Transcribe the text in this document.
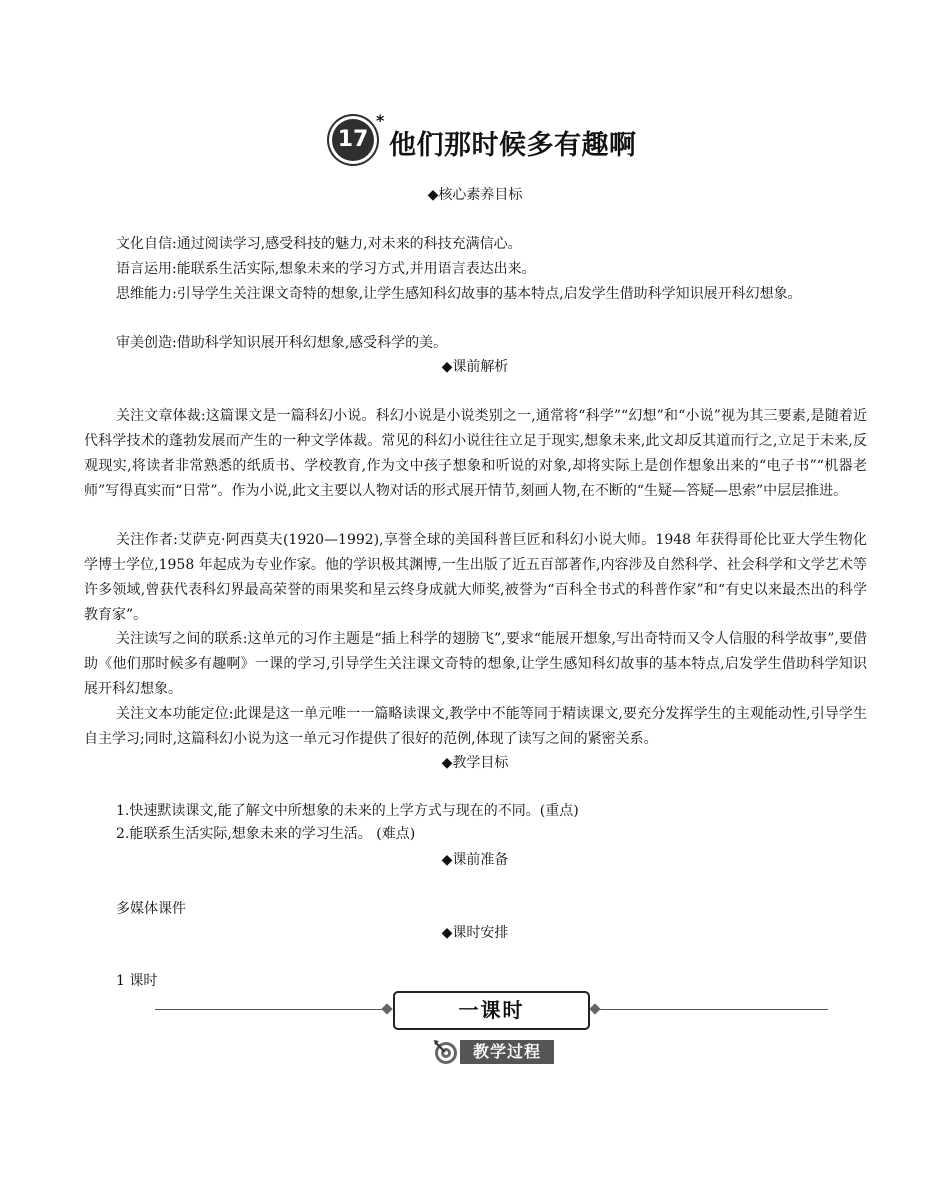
17
*
他们那时候多有趣啊
◆核心素养目标
文化自信:通过阅读学习,感受科技的魅力,对未来的科技充满信心。
语言运用:能联系生活实际,想象未来的学习方式,并用语言表达出来。
思维能力:引导学生关注课文奇特的想象,让学生感知科幻故事的基本特点,启发学生借助科学知识展开科幻想象。
审美创造:借助科学知识展开科幻想象,感受科学的美。
◆课前解析
关注文章体裁:这篇课文是一篇科幻小说。科幻小说是小说类别之一,通常将“科学”“幻想”和“小说”视为其三要素,是随着近代科学技术的蓬勃发展而产生的一种文学体裁。常见的科幻小说往往立足于现实,想象未来,此文却反其道而行之,立足于未来,反观现实,将读者非常熟悉的纸质书、学校教育,作为文中孩子想象和听说的对象,却将实际上是创作想象出来的“电子书”“机器老师”写得真实而“日常”。作为小说,此文主要以人物对话的形式展开情节,刻画人物,在不断的“生疑—答疑—思索”中层层推进。
关注作者:艾萨克·阿西莫夫(1920—1992),享誉全球的美国科普巨匠和科幻小说大师。1948 年获得哥伦比亚大学生物化学博士学位,1958 年起成为专业作家。他的学识极其渊博,一生出版了近五百部著作,内容涉及自然科学、社会科学和文学艺术等许多领域,曾获代表科幻界最高荣誉的雨果奖和星云终身成就大师奖,被誉为“百科全书式的科普作家”和“有史以来最杰出的科学教育家”。
关注读写之间的联系:这单元的习作主题是“插上科学的翅膀飞”,要求“能展开想象,写出奇特而又令人信服的科学故事”,要借助《他们那时候多有趣啊》一课的学习,引导学生关注课文奇特的想象,让学生感知科幻故事的基本特点,启发学生借助科学知识展开科幻想象。
关注文本功能定位:此课是这一单元唯一一篇略读课文,教学中不能等同于精读课文,要充分发挥学生的主观能动性,引导学生自主学习;同时,这篇科幻小说为这一单元习作提供了很好的范例,体现了读写之间的紧密关系。
◆教学目标
1.快速默读课文,能了解文中所想象的未来的上学方式与现在的不同。(重点)
2.能联系生活实际,想象未来的学习生活。 (难点)
◆课前准备
多媒体课件
◆课时安排
1 课时
一课时
教学过程
